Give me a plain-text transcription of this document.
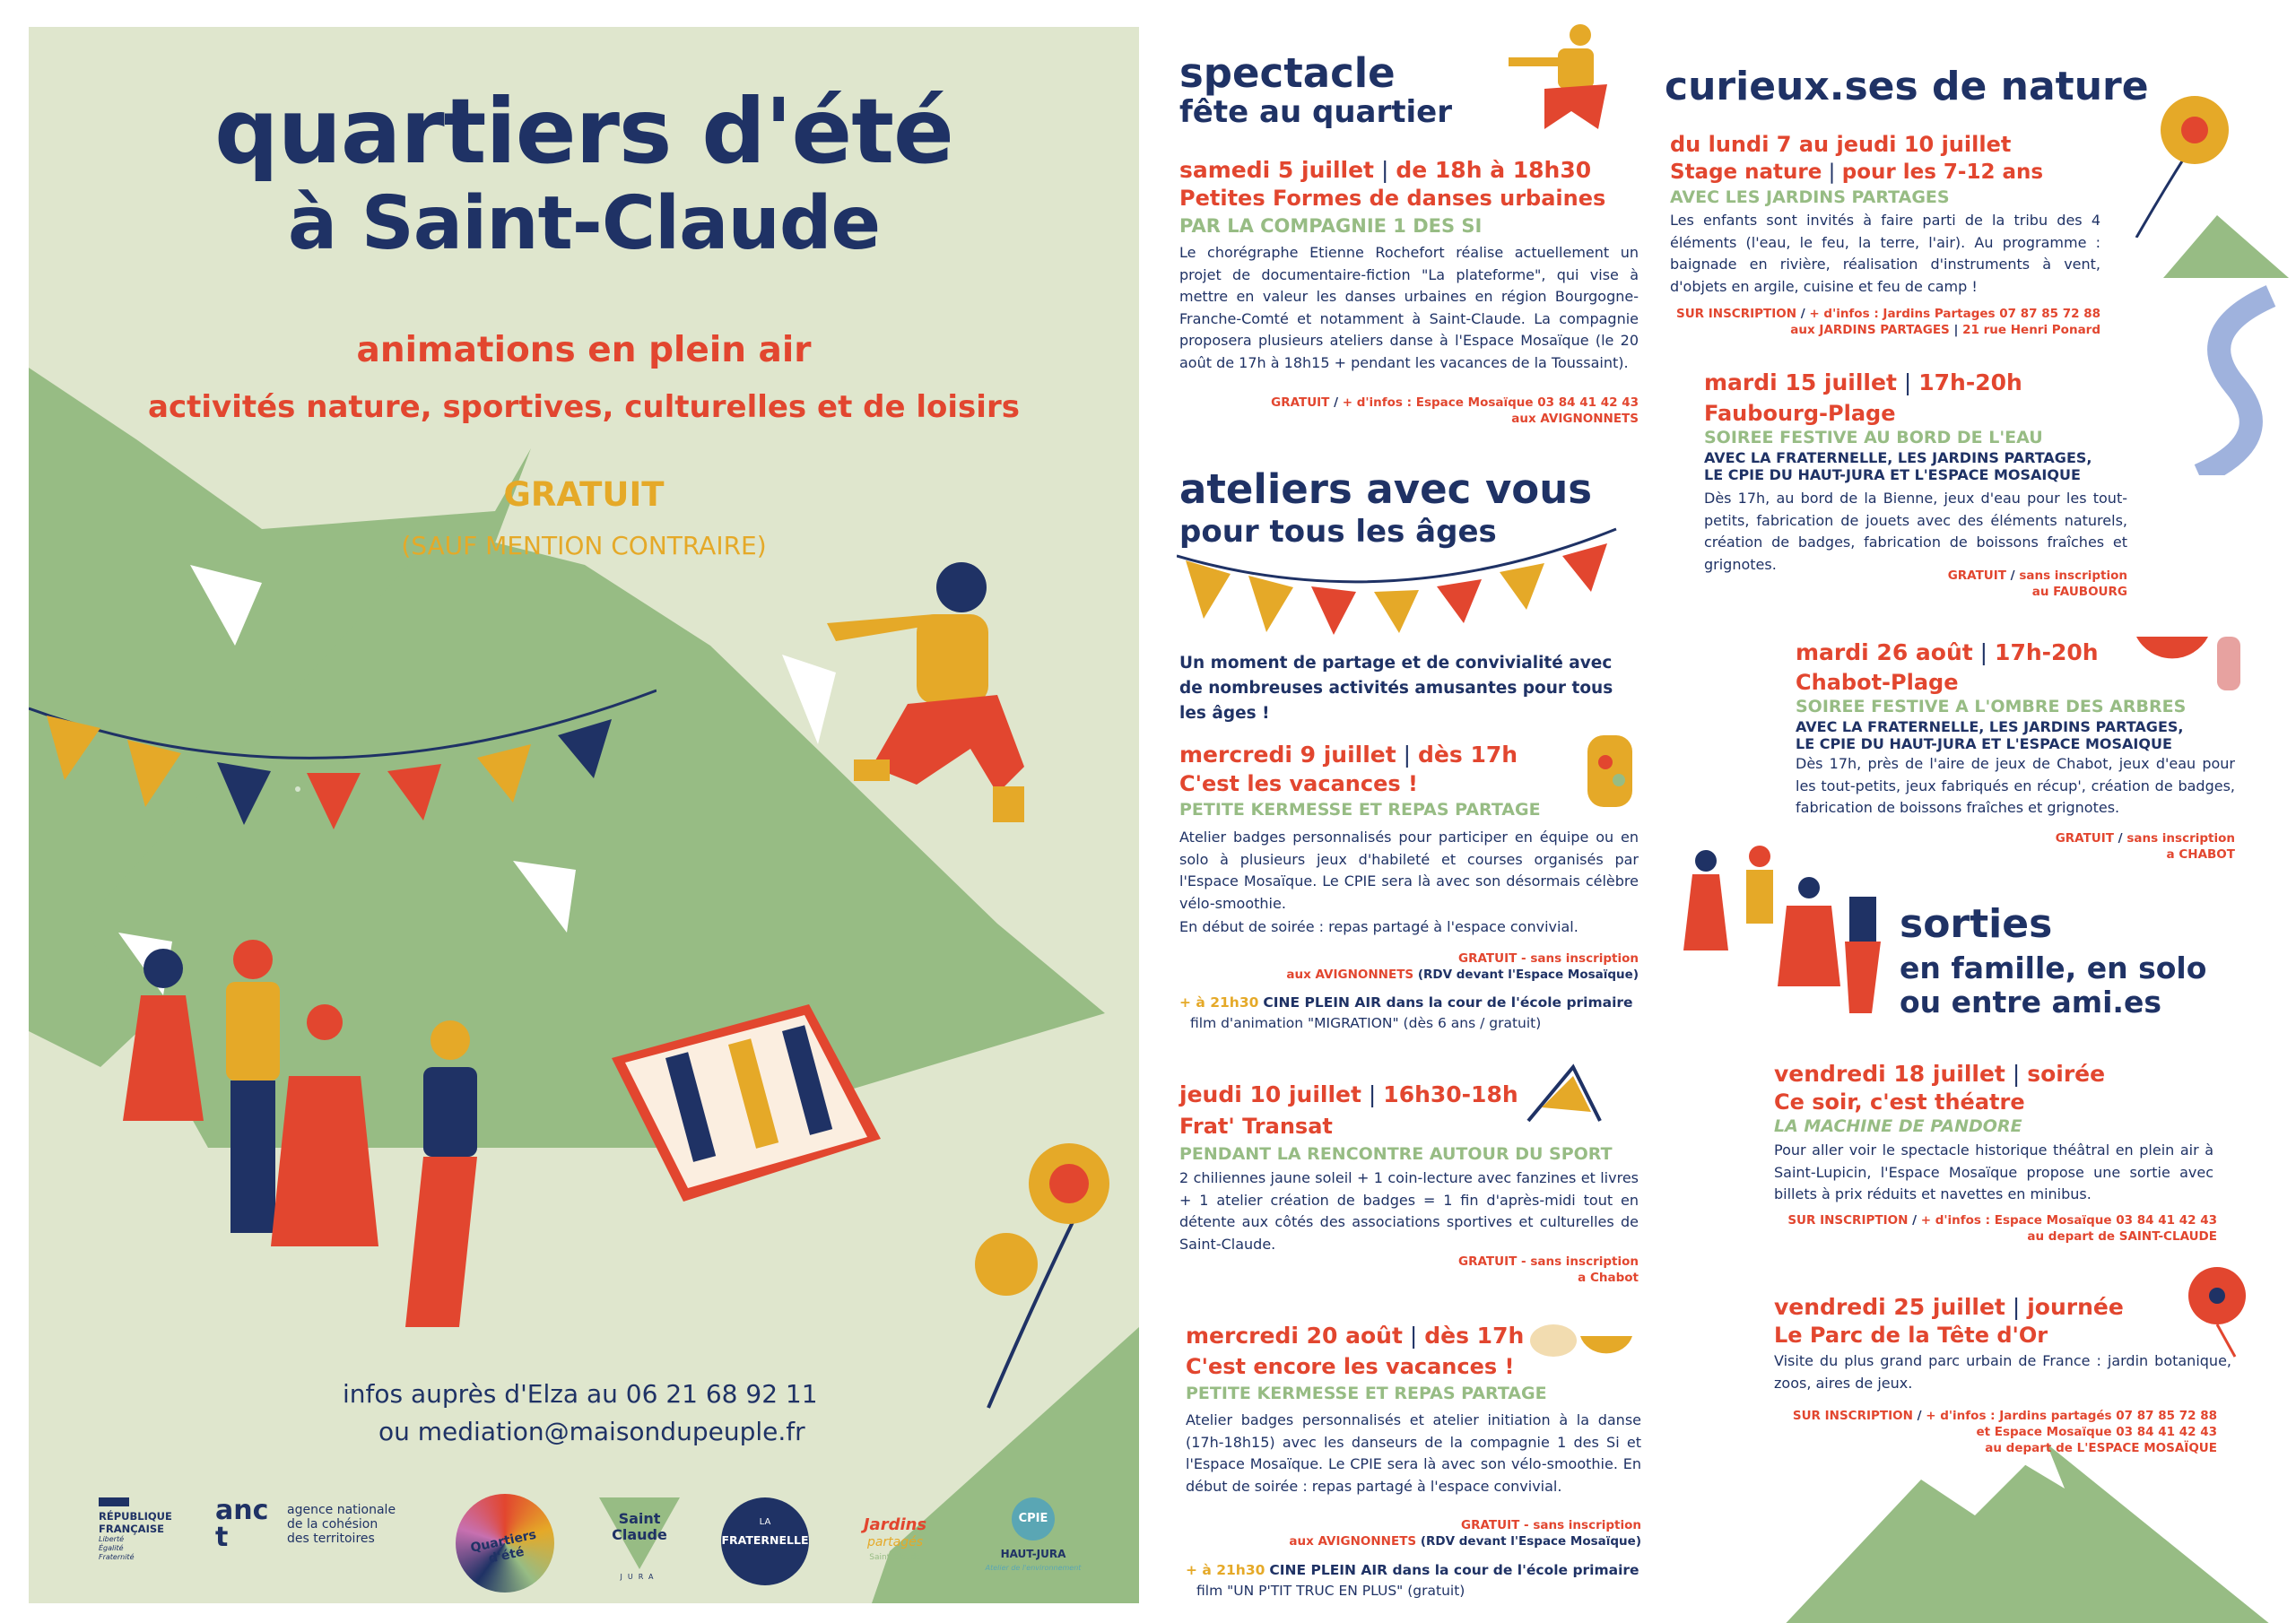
quartiers d'été
à Saint-Claude
animations en plein air
activités nature, sportives, culturelles et de loisirs
GRATUIT
(SAUF MENTION CONTRAIRE)
infos auprès d'Elza au 06 21 68 92 11
ou mediation@maisondupeuple.fr
RÉPUBLIQUE
FRANÇAISE
Liberté
Égalité
Fraternité
anct
agence nationale
de la cohésion
des territoires	Quartiers d'été
Saint
Claude
JURA
LA
FRATERNELLE
Jardins
partagés
Saint-Claude
CPIE
HAUT-JURA
Atelier de l'environnement
spectacle
fête au quartier
samedi 5 juillet | de 18h à 18h30
Petites Formes de danses urbaines
PAR LA COMPAGNIE 1 DES SI
Le chorégraphe Etienne Rochefort réalise actuellement un projet de documentaire-fiction "La plateforme", qui vise à mettre en valeur les danses urbaines en région Bourgogne-Franche-Comté et notamment à Saint-Claude. La compagnie proposera plusieurs ateliers danse à l'Espace Mosaïque (le 20 août de 17h à 18h15 + pendant les vacances de la Toussaint).
GRATUIT / + d'infos : Espace Mosaïque 03 84 41 42 43
aux AVIGNONNETS
ateliers avec vous
pour tous les âges
Un moment de partage et de convivialité avec de nombreuses activités amusantes pour tous les âges !
mercredi 9 juillet | dès 17h
C'est les vacances !
PETITE KERMESSE ET REPAS PARTAGE
Atelier badges personnalisés pour participer en équipe ou en solo à plusieurs jeux d'habileté et courses organisés par l'Espace Mosaïque. Le CPIE sera là avec son désormais célèbre vélo-smoothie.
En début de soirée : repas partagé à l'espace convivial.
GRATUIT - sans inscription
aux AVIGNONNETS (RDV devant l'Espace Mosaïque)
+ à 21h30 CINE PLEIN AIR dans la cour de l'école primaire
film d'animation "MIGRATION" (dès 6 ans / gratuit)
jeudi 10 juillet | 16h30-18h
Frat' Transat
PENDANT LA RENCONTRE AUTOUR DU SPORT
2 chiliennes jaune soleil + 1 coin-lecture avec fanzines et livres + 1 atelier création de badges = 1 fin d'après-midi tout en détente aux côtés des associations sportives et culturelles de Saint-Claude.
GRATUIT - sans inscription
a Chabot
mercredi 20 août | dès 17h
C'est encore les vacances !
PETITE KERMESSE ET REPAS PARTAGE
Atelier badges personnalisés et atelier initiation à la danse (17h-18h15) avec les danseurs de la compagnie 1 des Si et l'Espace Mosaïque. Le CPIE sera là avec son vélo-smoothie. En début de soirée : repas partagé à l'espace convivial.
GRATUIT - sans inscription
aux AVIGNONNETS (RDV devant l'Espace Mosaïque)
+ à 21h30 CINE PLEIN AIR dans la cour de l'école primaire
film "UN P'TIT TRUC EN PLUS" (gratuit)
curieux.ses de nature
du lundi 7 au jeudi 10 juillet
Stage nature | pour les 7-12 ans
AVEC LES JARDINS PARTAGES
Les enfants sont invités à faire parti de la tribu des 4 éléments (l'eau, le feu, la terre, l'air). Au programme : baignade en rivière, réalisation d'instruments à vent, d'objets en argile, cuisine et feu de camp !
SUR INSCRIPTION / + d'infos : Jardins Partages 07 87 85 72 88
aux JARDINS PARTAGES | 21 rue Henri Ponard
mardi 15 juillet | 17h-20h
Faubourg-Plage
SOIREE FESTIVE AU BORD DE L'EAU
AVEC LA FRATERNELLE, LES JARDINS PARTAGES, LE CPIE DU HAUT-JURA ET L'ESPACE MOSAIQUE
Dès 17h, au bord de la Bienne, jeux d'eau pour les tout-petits, fabrication de jouets avec des éléments naturels, création de badges, fabrication de boissons fraîches et grignotes.
GRATUIT / sans inscription
au FAUBOURG
mardi 26 août | 17h-20h
Chabot-Plage
SOIREE FESTIVE A L'OMBRE DES ARBRES
AVEC LA FRATERNELLE, LES JARDINS PARTAGES, LE CPIE DU HAUT-JURA ET L'ESPACE MOSAIQUE
Dès 17h, près de l'aire de jeux de Chabot, jeux d'eau pour les tout-petits, jeux fabriqués en récup', création de badges, fabrication de boissons fraîches et grignotes.
GRATUIT / sans inscription
a CHABOT
sorties
en famille, en solo
ou entre ami.es
vendredi 18 juillet | soirée
Ce soir, c'est théatre
LA MACHINE DE PANDORE
Pour aller voir le spectacle historique théâtral en plein air à Saint-Lupicin, l'Espace Mosaïque propose une sortie avec billets à prix réduits et navettes en minibus.
SUR INSCRIPTION / + d'infos : Espace Mosaïque 03 84 41 42 43
au depart de SAINT-CLAUDE
vendredi 25 juillet | journée
Le Parc de la Tête d'Or
Visite du plus grand parc urbain de France : jardin botanique, zoos, aires de jeux.
SUR INSCRIPTION / + d'infos : Jardins partagés 07 87 85 72 88
et Espace Mosaïque 03 84 41 42 43
au depart de L'ESPACE MOSAÏQUE
